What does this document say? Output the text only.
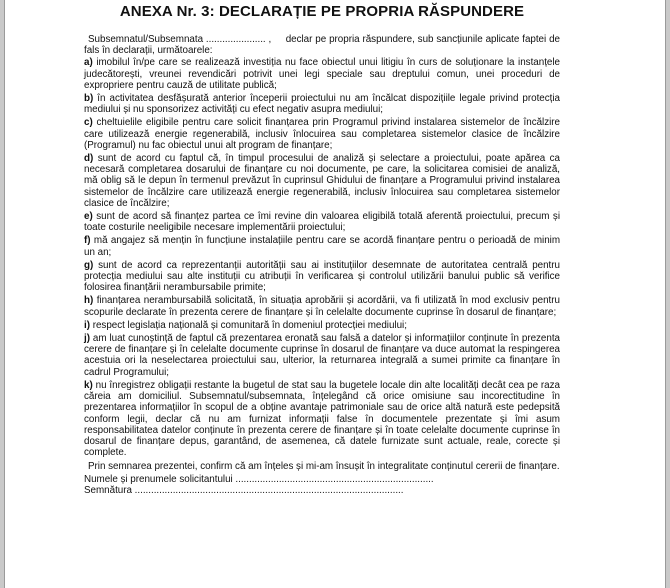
ANEXA Nr. 3: DECLARAȚIE PE PROPRIA RĂSPUNDERE

Subsemnatul/Subsemnata ...................... , declar pe propria răspundere, sub sancțiunile aplicate faptei de fals în declarații, următoarele:

a) imobilul în/pe care se realizează investiția nu face obiectul unui litigiu în curs de soluționare la instanțele judecătorești, vreunei revendicări potrivit unei legi speciale sau dreptului comun, unei proceduri de expropriere pentru cauză de utilitate publică;

b) în activitatea desfășurată anterior începerii proiectului nu am încălcat dispozițiile legale privind protecția mediului și nu sponsorizez activități cu efect negativ asupra mediului;

c) cheltuielile eligibile pentru care solicit finanțarea prin Programul privind instalarea sistemelor de încălzire care utilizează energie regenerabilă, inclusiv înlocuirea sau completarea sistemelor clasice de încălzire (Programul) nu fac obiectul unui alt program de finanțare;

d) sunt de acord cu faptul că, în timpul procesului de analiză și selectare a proiectului, poate apărea ca necesară completarea dosarului de finanțare cu noi documente, pe care, la solicitarea comisiei de analiză, mă oblig să le depun în termenul prevăzut în cuprinsul Ghidului de finanțare a Programului privind instalarea sistemelor de încălzire care utilizează energie regenerabilă, inclusiv înlocuirea sau completarea sistemelor clasice de încălzire;

e) sunt de acord să finanțez partea ce îmi revine din valoarea eligibilă totală aferentă proiectului, precum și toate costurile neeligibile necesare implementării proiectului;

f) mă angajez să mențin în funcțiune instalațiile pentru care se acordă finanțare pentru o perioadă de minim un an;

g) sunt de acord ca reprezentanții autorității sau ai instituțiilor desemnate de autoritatea centrală pentru protecția mediului sau alte instituții cu atribuții în verificarea și controlul utilizării banului public să verifice folosirea finanțării nerambursabile primite;

h) finanțarea nerambursabilă solicitată, în situația aprobării și acordării, va fi utilizată în mod exclusiv pentru scopurile declarate în prezenta cerere de finanțare și în celelalte documente cuprinse în dosarul de finanțare;

i) respect legislația națională și comunitară în domeniul protecției mediului;

j) am luat cunoștință de faptul că prezentarea eronată sau falsă a datelor și informațiilor conținute în prezenta cerere de finanțare și în celelalte documente cuprinse în dosarul de finanțare va duce automat la respingerea acestuia ori la neselectarea proiectului sau, ulterior, la returnarea integrală a sumei primite ca finanțare în cadrul Programului;

k) nu înregistrez obligații restante la bugetul de stat sau la bugetele locale din alte localități decât cea pe raza căreia am domiciliul. Subsemnatul/subsemnata, înțelegând că orice omisiune sau incorectitudine în prezentarea informațiilor în scopul de a obține avantaje patrimoniale sau de orice altă natură este pedepsită conform legii, declar că nu am furnizat informații false în documentele prezentate și îmi asum responsabilitatea datelor conținute în prezenta cerere de finanțare și în toate celelalte documente cuprinse în dosarul de finanțare depus, garantând, de asemenea, că datele furnizate sunt actuale, reale, corecte și complete.

Prin semnarea prezentei, confirm că am înțeles și mi-am însușit în integralitate conținutul cererii de finanțare.

Numele și prenumele solicitantului .........................................................................

Semnătura ...................................................................................................
